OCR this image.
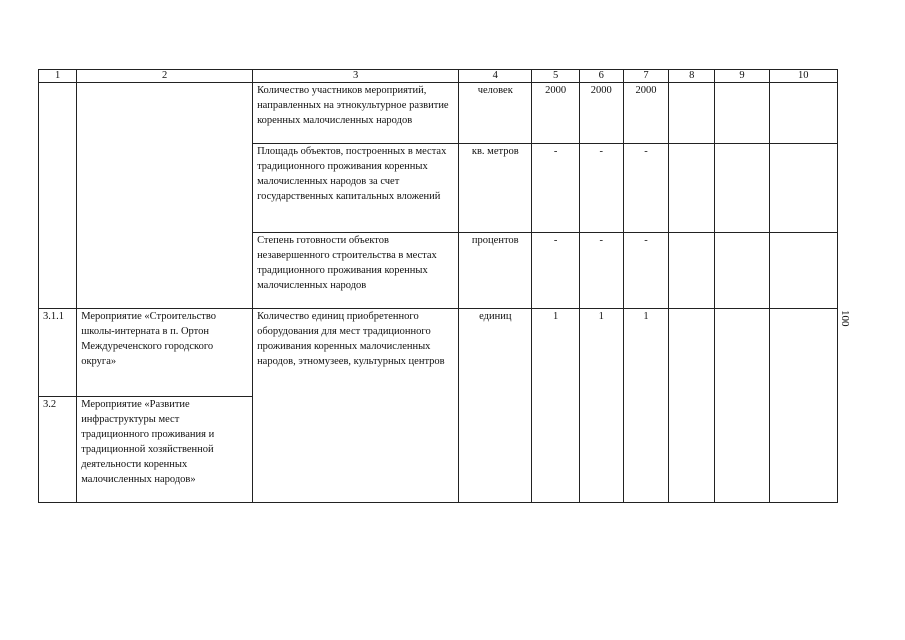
1	2	3	4	5	6	7	8	9	10
		Количество участников мероприятий, направленных на этнокультурное развитие коренных малочисленных народов	человек	2000	2000	2000			
		Площадь объектов, построенных в местах традиционного проживания коренных малочисленных народов за счет государственных капитальных вложений	кв. метров	-	-	-			
		Степень готовности объектов незавершенного строительства в местах традиционного проживания коренных малочисленных народов	процентов	-	-	-			
3.1.1	Мероприятие «Строительство школы-интерната в п. Ортон Междуреченского городского округа»	Количество единиц приобретенного оборудования для мест традиционного проживания коренных малочисленных народов, этномузеев, культурных центров	единиц	1	1	1			
3.2	Мероприятие «Развитие инфраструктуры мест традиционного проживания и традиционной хозяйственной деятельности коренных малочисленных народов»								
100
